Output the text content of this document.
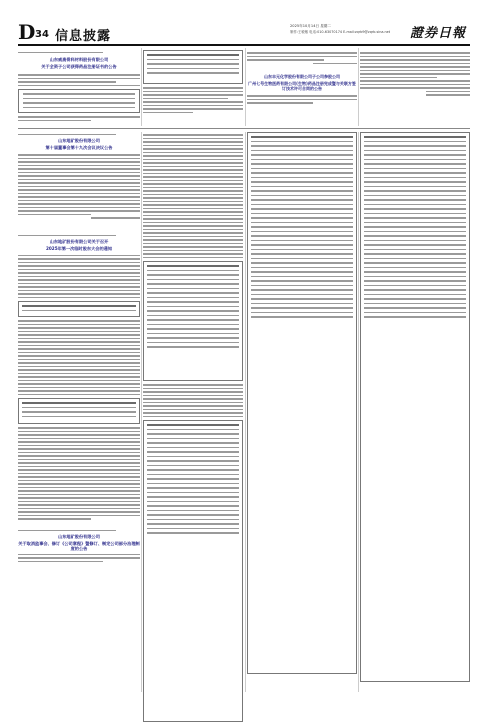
D 34 信息披露
2025年10月14日 星期二
制作:王敏敏 电话:010-63070174 E-mail:zqrb9@zqrb.sina.net 證券日報
山东威高骨科材料股份有限公司
关于全资子公司获得药品注册证书的公告
山东丰元化学股份有限公司子公司参股公司
广州七号生物医药有限公司(生物)药品注册完成暨与关联方签订技术许可合同的公告
山东地矿股份有限公司
第十届董事会第十九次会议决议公告
山东地矿股份有限公司关于召开
2025年第一次临时股东大会的通知
山东地矿股份有限公司
关于取消监事会、修订《公司章程》暨修订、制定公司部分治理制度的公告
